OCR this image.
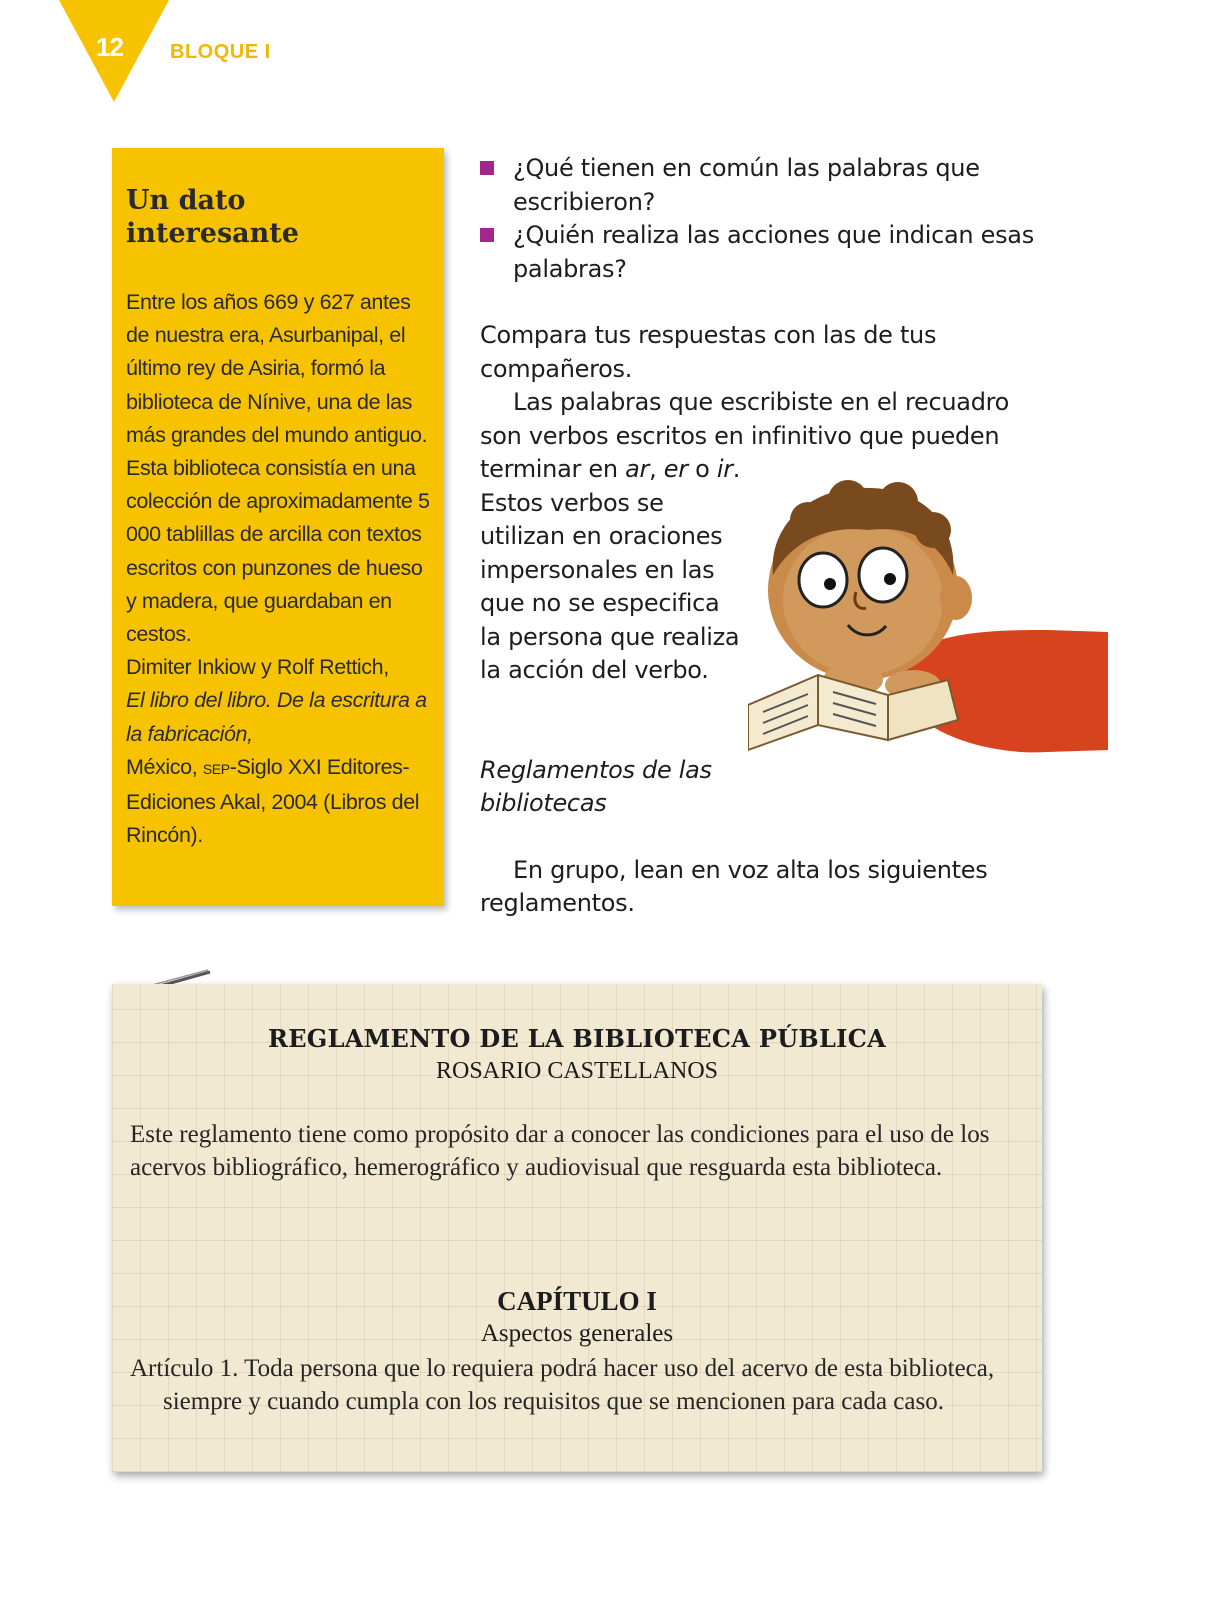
12 BLOQUE I
Un dato interesante

Entre los años 669 y 627 antes de nuestra era, Asurbanipal, el último rey de Asiria, formó la biblioteca de Nínive, una de las más grandes del mundo antiguo. Esta biblioteca consistía en una colección de aproximadamente 5 000 tablillas de arcilla con textos escritos con punzones de hueso y madera, que guardaban en cestos.

Dimiter Inkiow y Rolf Rettich,

El libro del libro. De la escritura a la fabricación,

México, SEP-Siglo XXI Editores-Ediciones Akal, 2004 (Libros del Rincón).

¿Qué tienen en común las palabras que escribieron?
¿Quién realiza las acciones que indican esas palabras?

Compara tus respuestas con las de tus compañeros.

Las palabras que escribiste en el recuadro son verbos escritos en infinitivo que pueden terminar en ar, er o ir.

Estos verbos se utilizan en oraciones impersonales en las que no se especifica la persona que realiza la acción del verbo.

Reglamentos de las bibliotecas

En grupo, lean en voz alta los siguientes reglamentos.

REGLAMENTO DE LA BIBLIOTECA PÚBLICA
ROSARIO CASTELLANOS
Este reglamento tiene como propósito dar a conocer las condiciones para el uso de los acervos bibliográfico, hemerográfico y audiovisual que resguarda esta biblioteca.
CAPÍTULO I
Aspectos generales
Artículo 1. Toda persona que lo requiera podrá hacer uso del acervo de esta biblioteca, siempre y cuando cumpla con los requisitos que se mencionen para cada caso.
